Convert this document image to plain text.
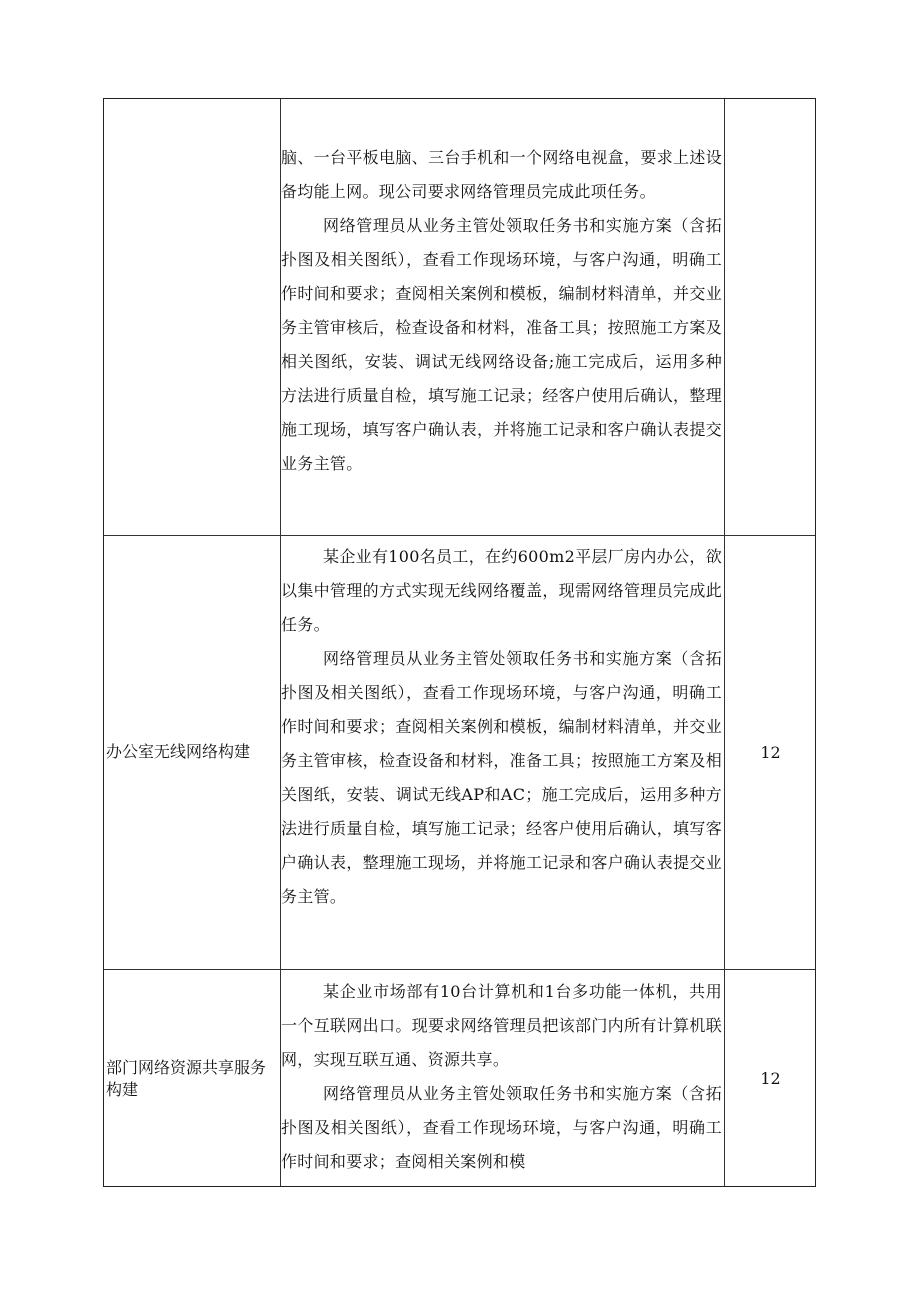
脑、一台平板电脑、三台手机和一个网络电视盒，要求上述设备均能上网。现公司要求网络管理员完成此项任务。

网络管理员从业务主管处领取任务书和实施方案（含拓扑图及相关图纸），查看工作现场环境，与客户沟通，明确工作时间和要求；查阅相关案例和模板，编制材料清单，并交业务主管审核后，检查设备和材料，准备工具；按照施工方案及相关图纸，安装、调试无线网络设备;施工完成后，运用多种方法进行质量自检，填写施工记录；经客户使用后确认，整理施工现场，填写客户确认表，并将施工记录和客户确认表提交业务主管。

办公室无线网络构建

某企业有100名员工，在约600m2平层厂房内办公，欲以集中管理的方式实现无线网络覆盖，现需网络管理员完成此任务。

网络管理员从业务主管处领取任务书和实施方案（含拓扑图及相关图纸），查看工作现场环境，与客户沟通，明确工作时间和要求；查阅相关案例和模板，编制材料清单，并交业务主管审核，检查设备和材料，准备工具；按照施工方案及相关图纸，安装、调试无线AP和AC；施工完成后，运用多种方法进行质量自检，填写施工记录；经客户使用后确认，填写客户确认表，整理施工现场，并将施工记录和客户确认表提交业务主管。

12
部门网络资源共享服务构建

某企业市场部有10台计算机和1台多功能一体机，共用一个互联网出口。现要求网络管理员把该部门内所有计算机联网，实现互联互通、资源共享。

网络管理员从业务主管处领取任务书和实施方案（含拓扑图及相关图纸），查看工作现场环境，与客户沟通，明确工作时间和要求；查阅相关案例和模

12
